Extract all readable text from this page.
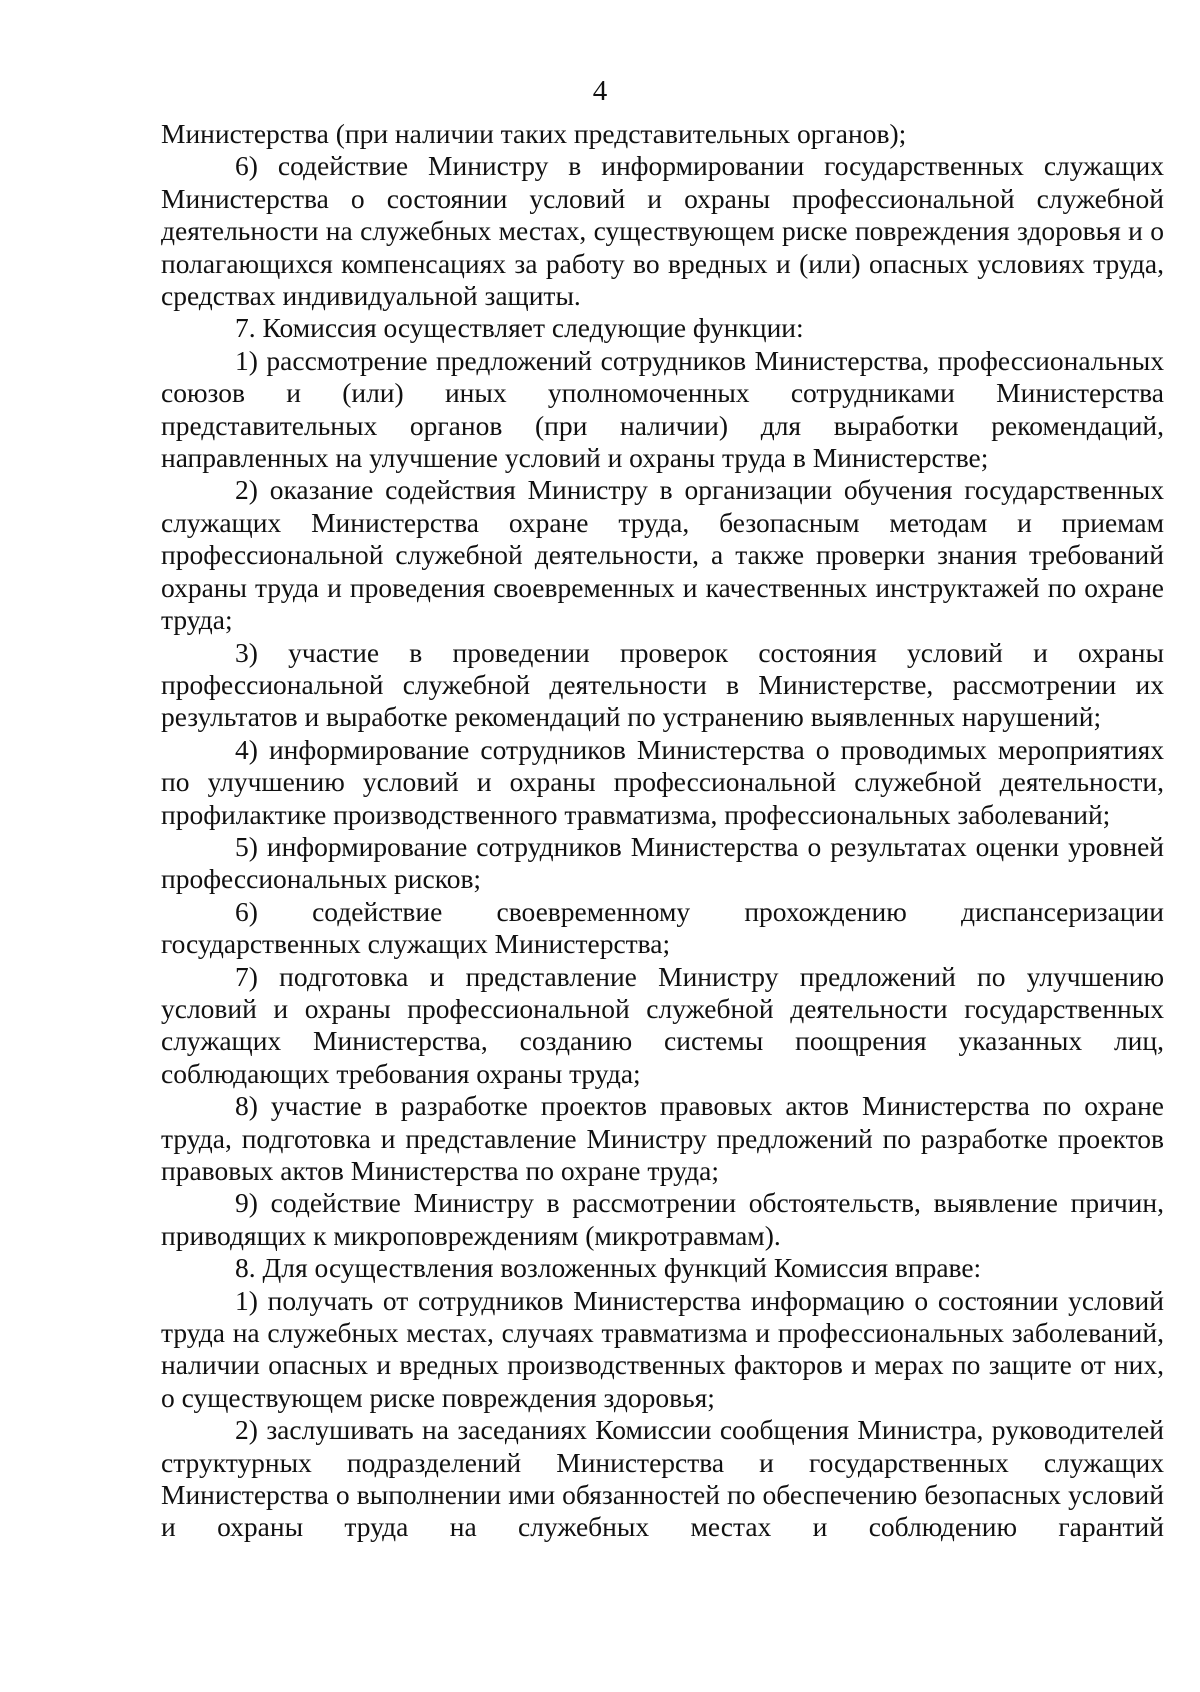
4

Министерства (при наличии таких представительных органов);

6) содействие Министру в информировании государственных служащих Министерства о состоянии условий и охраны профессиональной служебной деятельности на служебных местах, существующем риске повреждения здоровья и о полагающихся компенсациях за работу во вредных и (или) опасных условиях труда, средствах индивидуальной защиты.

7. Комиссия осуществляет следующие функции:

1) рассмотрение предложений сотрудников Министерства, профессиональных союзов и (или) иных уполномоченных сотрудниками Министерства представительных органов (при наличии) для выработки рекомендаций, направленных на улучшение условий и охраны труда в Министерстве;

2) оказание содействия Министру в организации обучения государственных служащих Министерства охране труда, безопасным методам и приемам профессиональной служебной деятельности, а также проверки знания требований охраны труда и проведения своевременных и качественных инструктажей по охране труда;

3) участие в проведении проверок состояния условий и охраны профессиональной служебной деятельности в Министерстве, рассмотрении их результатов и выработке рекомендаций по устранению выявленных нарушений;

4) информирование сотрудников Министерства о проводимых мероприятиях по улучшению условий и охраны профессиональной служебной деятельности, профилактике производственного травматизма, профессиональных заболеваний;

5) информирование сотрудников Министерства о результатах оценки уровней профессиональных рисков;

6) содействие своевременному прохождению диспансеризации государственных служащих Министерства;

7) подготовка и представление Министру предложений по улучшению условий и охраны профессиональной служебной деятельности государственных служащих Министерства, созданию системы поощрения указанных лиц, соблюдающих требования охраны труда;

8) участие в разработке проектов правовых актов Министерства по охране труда, подготовка и представление Министру предложений по разработке проектов правовых актов Министерства по охране труда;

9) содействие Министру в рассмотрении обстоятельств, выявление причин, приводящих к микроповреждениям (микротравмам).

8. Для осуществления возложенных функций Комиссия вправе:

1) получать от сотрудников Министерства информацию о состоянии условий труда на служебных местах, случаях травматизма и профессиональных заболеваний, наличии опасных и вредных производственных факторов и мерах по защите от них, о существующем риске повреждения здоровья;

2) заслушивать на заседаниях Комиссии сообщения Министра, руководителей структурных подразделений Министерства и государственных служащих Министерства о выполнении ими обязанностей по обеспечению безопасных условий и охраны труда на служебных местах и соблюдению гарантий
